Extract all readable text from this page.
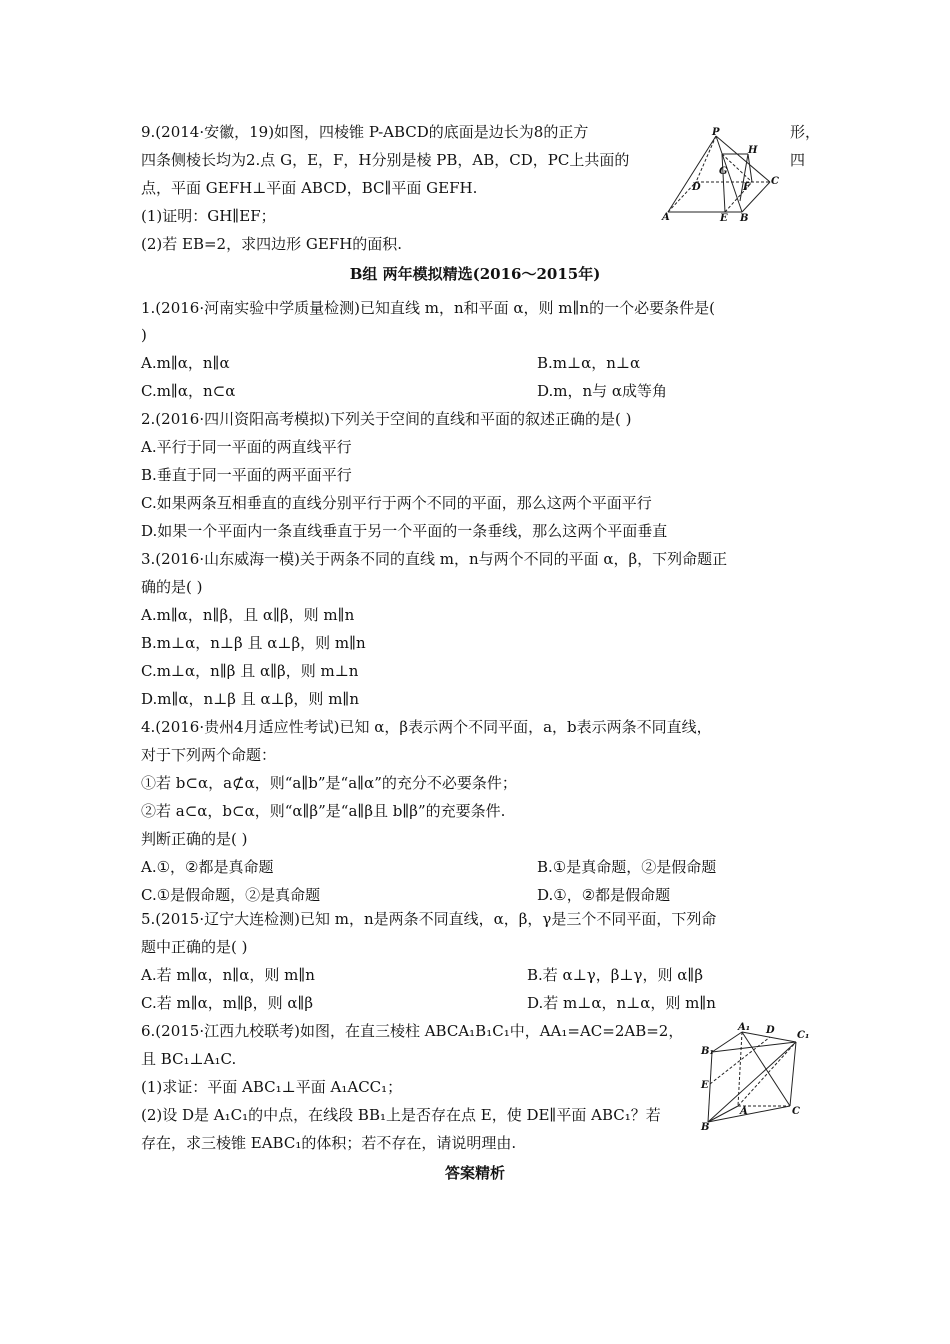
9.(2014·安徽，19)如图，四棱锥 P-ABCD的底面是边长为8的正方	形，
四条侧棱长均为2.点 G，E，F，H分别是棱 PB，AB，CD，PC上共面的	四
点，平面 GEFH⊥平面 ABCD，BC∥平面 GEFH.
(1)证明：GH∥EF；
(2)若 EB=2，求四边形 GEFH的面积.
P
H
G
D	F
C
A	E B
B组 两年模拟精选(2016～2015年)
1.(2016·河南实验中学质量检测)已知直线 m，n和平面 α，则 m∥n的一个必要条件是(
)
A.m∥α，n∥α	B.m⊥α，n⊥α
C.m∥α，n⊂α	D.m，n与 α成等角
2.(2016·四川资阳高考模拟)下列关于空间的直线和平面的叙述正确的是( )
A.平行于同一平面的两直线平行
B.垂直于同一平面的两平面平行
C.如果两条互相垂直的直线分别平行于两个不同的平面，那么这两个平面平行
D.如果一个平面内一条直线垂直于另一个平面的一条垂线，那么这两个平面垂直
3.(2016·山东威海一模)关于两条不同的直线 m，n与两个不同的平面 α，β，下列命题正
确的是( )
A.m∥α，n∥β，且 α∥β，则 m∥n
B.m⊥α，n⊥β 且 α⊥β，则 m∥n
C.m⊥α，n∥β 且 α∥β，则 m⊥n
D.m∥α，n⊥β 且 α⊥β，则 m∥n
4.(2016·贵州4月适应性考试)已知 α，β表示两个不同平面，a，b表示两条不同直线，
对于下列两个命题：
①若 b⊂α，a⊄α，则“a∥b”是“a∥α”的充分不必要条件；
②若 a⊂α，b⊂α，则“α∥β”是“a∥β且 b∥β”的充要条件.
判断正确的是( )
A.①，②都是真命题	B.①是真命题，②是假命题
C.①是假命题，②是真命题	D.①，②都是假命题
5.(2015·辽宁大连检测)已知 m，n是两条不同直线，α，β，γ是三个不同平面，下列命
题中正确的是( )
A.若 m∥α，n∥α，则 m∥n	B.若 α⊥γ，β⊥γ，则 α∥β
C.若 m∥α，m∥β，则 α∥β	D.若 m⊥α，n⊥α，则 m∥n
6.(2015·江西九校联考)如图，在直三棱柱 ABCA₁B₁C₁中，AA₁=AC=2AB=2，
且 BC₁⊥A₁C.
(1)求证：平面 ABC₁⊥平面 A₁ACC₁；
(2)设 D是 A₁C₁的中点，在线段 BB₁上是否存在点 E，使 DE∥平面 ABC₁？若
存在，求三棱锥 EABC₁的体积；若不存在，请说明理由.
A₁ D C₁
B₁
E
A	C
B
答案精析
